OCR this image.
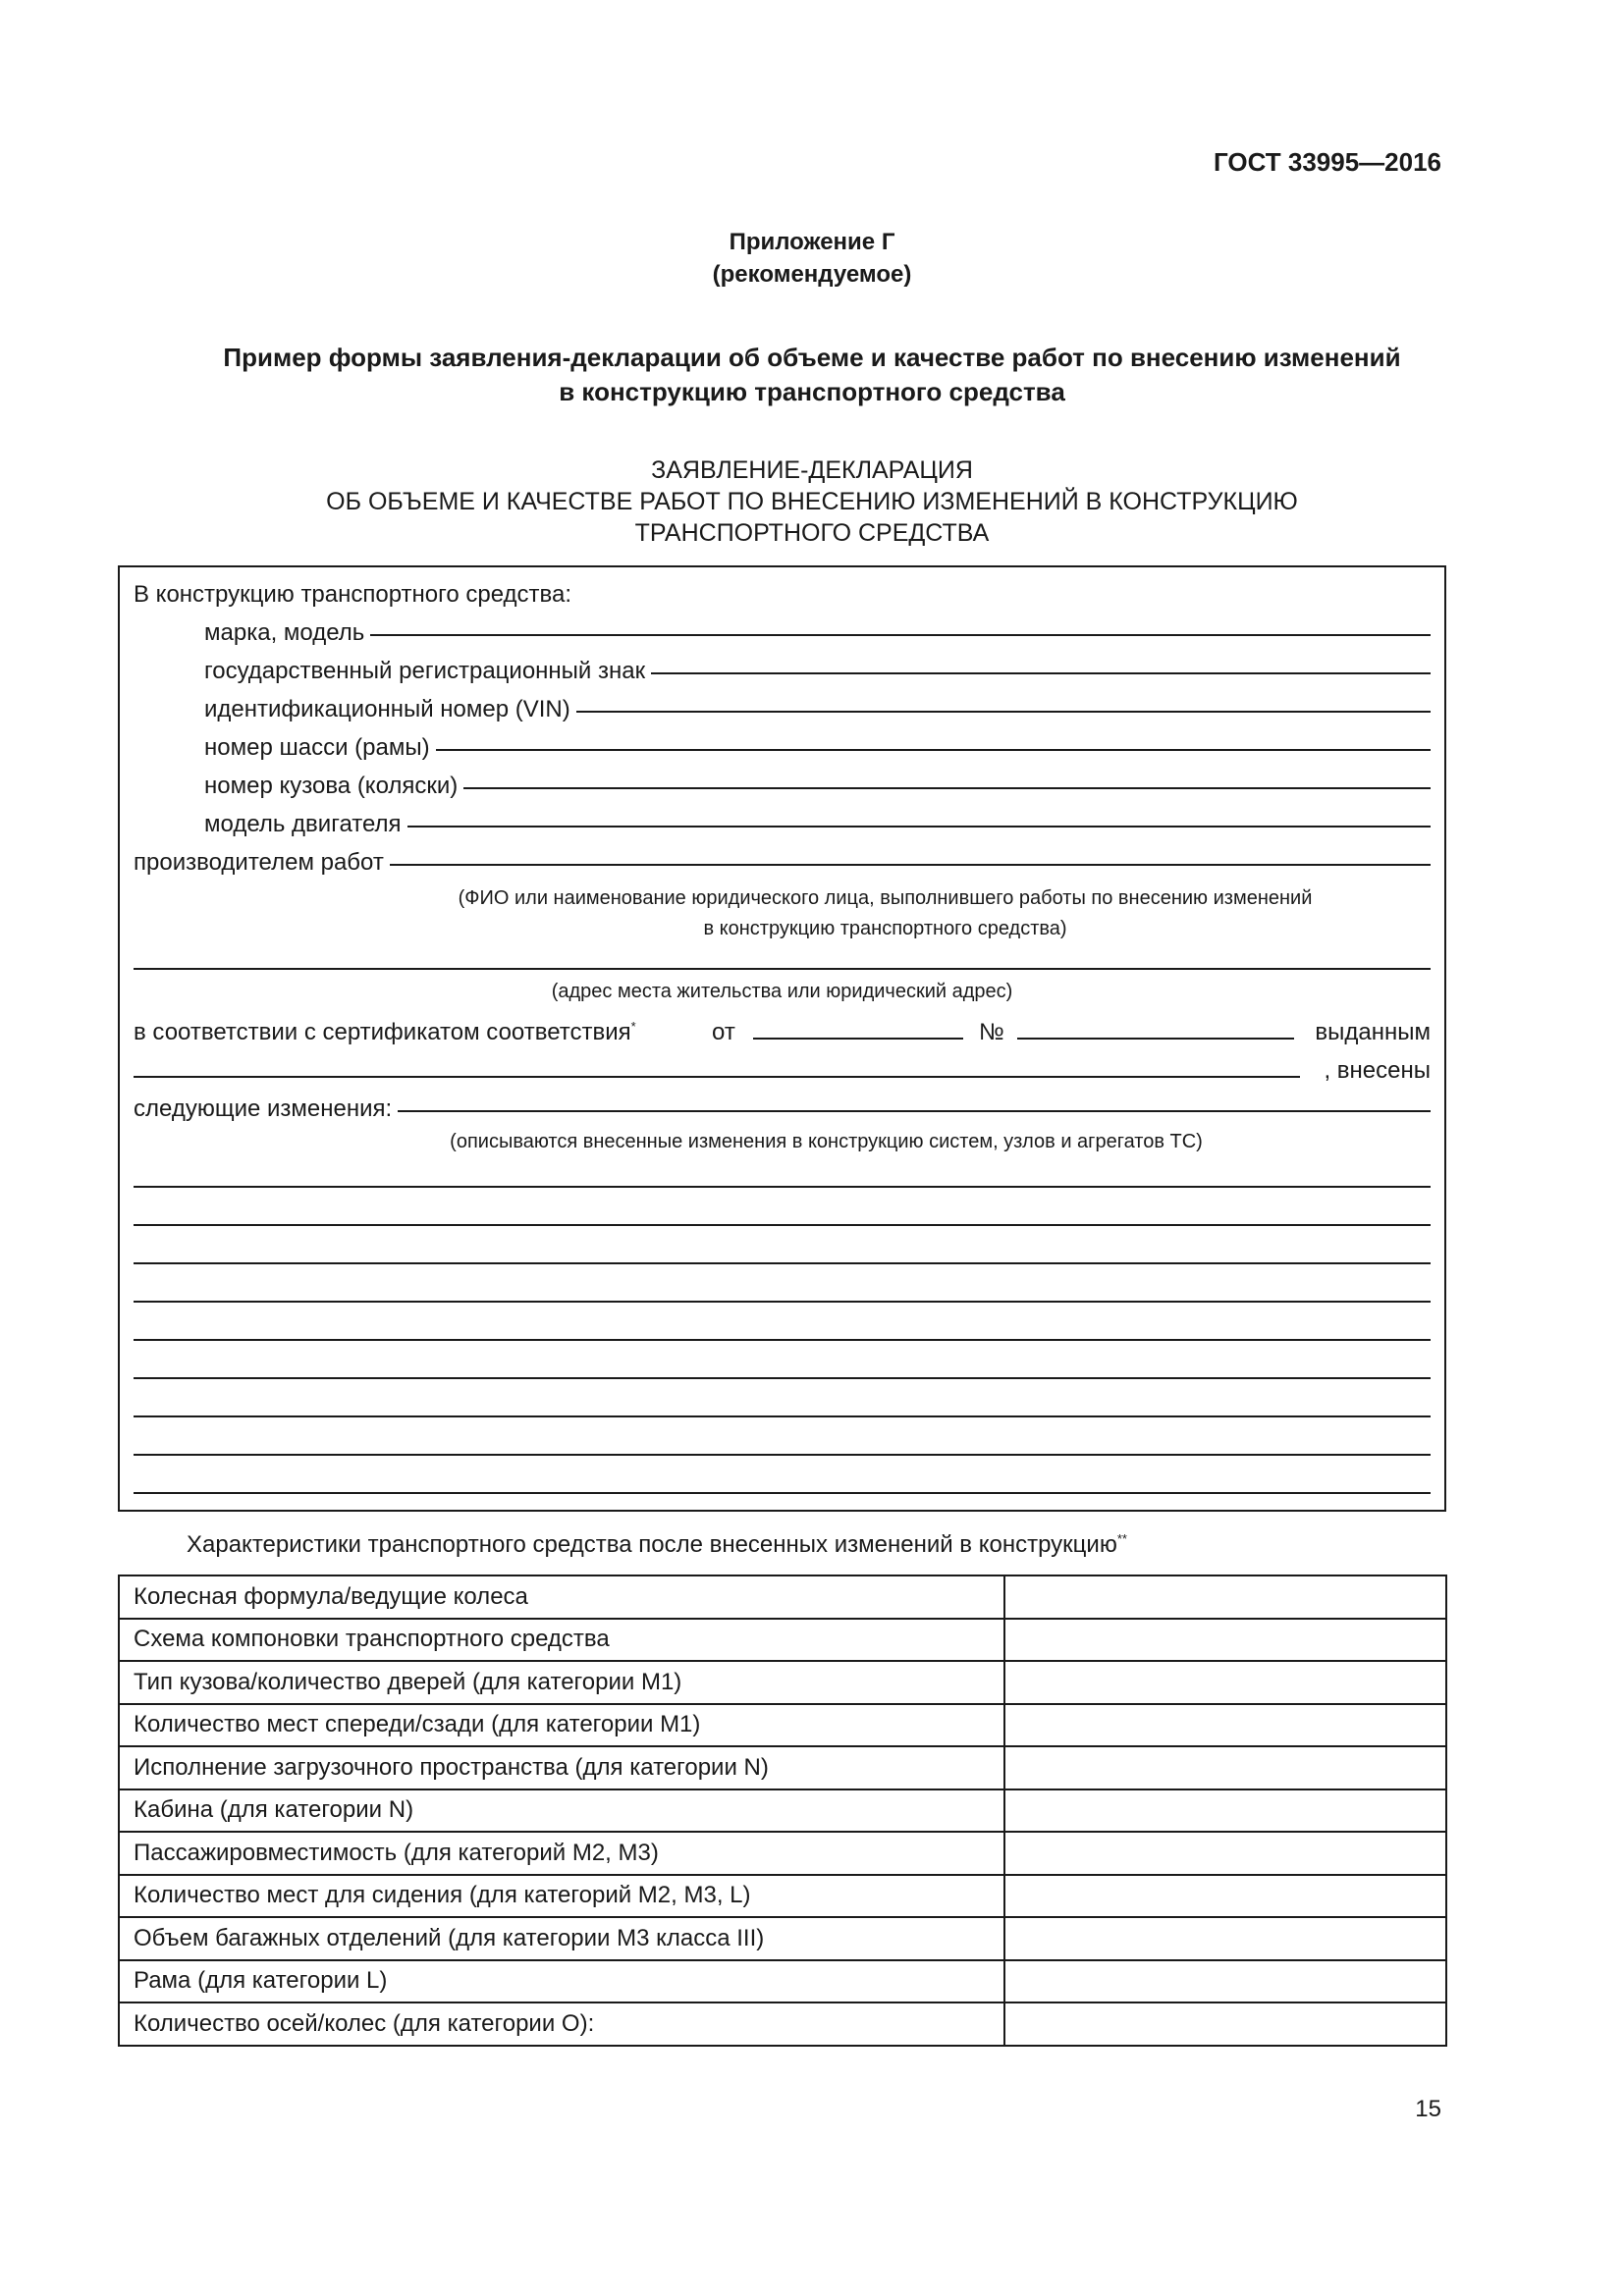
ГОСТ 33995—2016
Приложение Г
(рекомендуемое)
Пример формы заявления-декларации об объеме и качестве работ по внесению изменений
в конструкцию транспортного средства
ЗАЯВЛЕНИЕ-ДЕКЛАРАЦИЯ
ОБ ОБЪЕМЕ И КАЧЕСТВЕ РАБОТ ПО ВНЕСЕНИЮ ИЗМЕНЕНИЙ В КОНСТРУКЦИЮ
ТРАНСПОРТНОГО СРЕДСТВА
В конструкцию транспортного средства:
марка, модель
государственный регистрационный знак
идентификационный номер (VIN)
номер шасси (рамы)
номер кузова (коляски)
модель двигателя
производителем работ
(ФИО или наименование юридического лица, выполнившего работы по внесению изменений
в конструкцию транспортного средства)
(адрес места жительства или юридический адрес)
в соответствии с сертификатом соответствия*	от	№	выданным
, внесены
следующие изменения:
(описываются внесенные изменения в конструкцию систем, узлов и агрегатов ТС)
Характеристики транспортного средства после внесенных изменений в конструкцию**
Колесная формула/ведущие колеса	
Схема компоновки транспортного средства	
Тип кузова/количество дверей (для категории М1)	
Количество мест спереди/сзади (для категории М1)	
Исполнение загрузочного пространства (для категории N)	
Кабина (для категории N)	
Пассажировместимость (для категорий М2, М3)	
Количество мест для сидения (для категорий М2, М3, L)	
Объем багажных отделений (для категории М3 класса III)	
Рама (для категории L)	
Количество осей/колес (для категории О):	
15
